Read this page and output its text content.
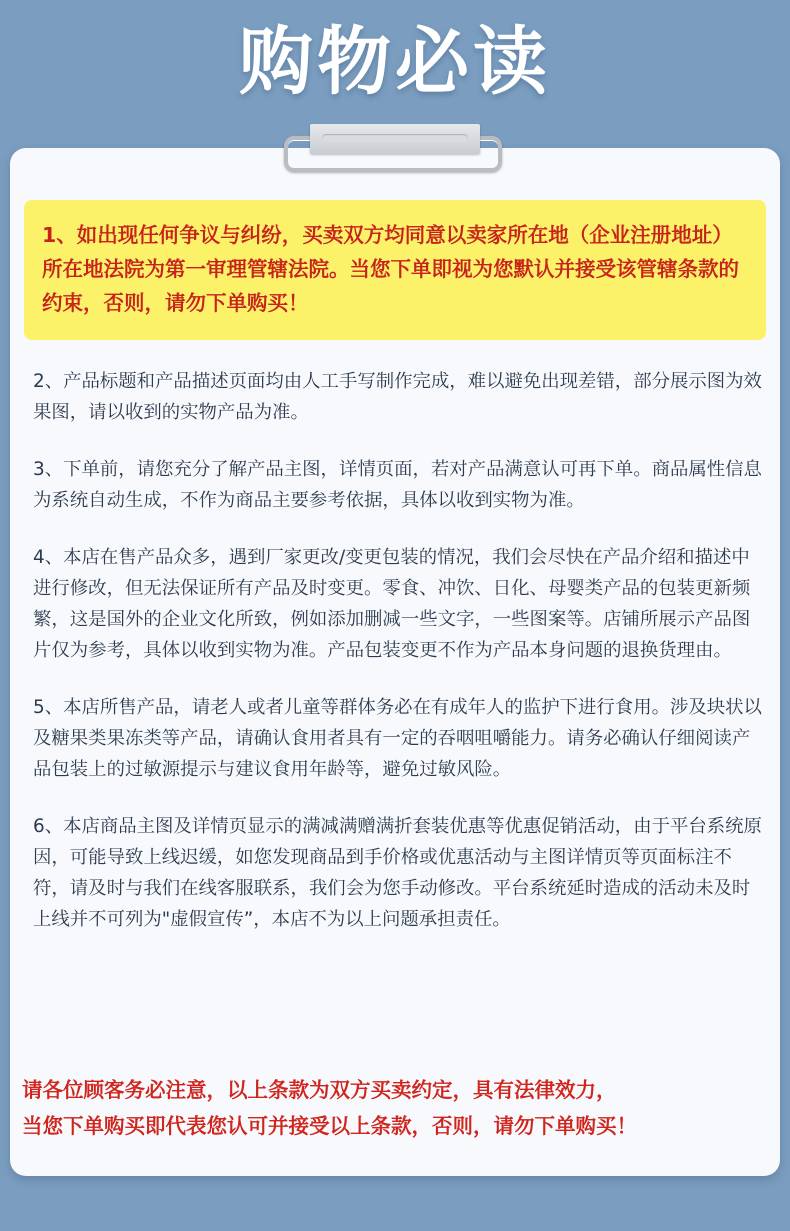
购物必读

1、如出现任何争议与纠纷，买卖双方均同意以卖家所在地（企业注册地址）所在地法院为第一审理管辖法院。当您下单即视为您默认并接受该管辖条款的约束，否则，请勿下单购买！

2、产品标题和产品描述页面均由人工手写制作完成，难以避免出现差错，部分展示图为效果图，请以收到的实物产品为准。

3、下单前，请您充分了解产品主图，详情页面，若对产品满意认可再下单。商品属性信息为系统自动生成，不作为商品主要参考依据，具体以收到实物为准。

4、本店在售产品众多，遇到厂家更改/变更包装的情况，我们会尽快在产品介绍和描述中进行修改，但无法保证所有产品及时变更。零食、冲饮、日化、母婴类产品的包装更新频繁，这是国外的企业文化所致，例如添加删减一些文字，一些图案等。店铺所展示产品图片仅为参考，具体以收到实物为准。产品包装变更不作为产品本身问题的退换货理由。

5、本店所售产品，请老人或者儿童等群体务必在有成年人的监护下进行食用。涉及块状以及糖果类果冻类等产品，请确认食用者具有一定的吞咽咀嚼能力。请务必确认仔细阅读产品包装上的过敏源提示与建议食用年龄等，避免过敏风险。

6、本店商品主图及详情页显示的满减满赠满折套装优惠等优惠促销活动，由于平台系统原因，可能导致上线迟缓，如您发现商品到手价格或优惠活动与主图详情页等页面标注不符，请及时与我们在线客服联系，我们会为您手动修改。平台系统延时造成的活动未及时上线并不可列为"虚假宣传”，本店不为以上问题承担责任。

请各位顾客务必注意，以上条款为双方买卖约定，具有法律效力，

当您下单购买即代表您认可并接受以上条款，否则，请勿下单购买！
